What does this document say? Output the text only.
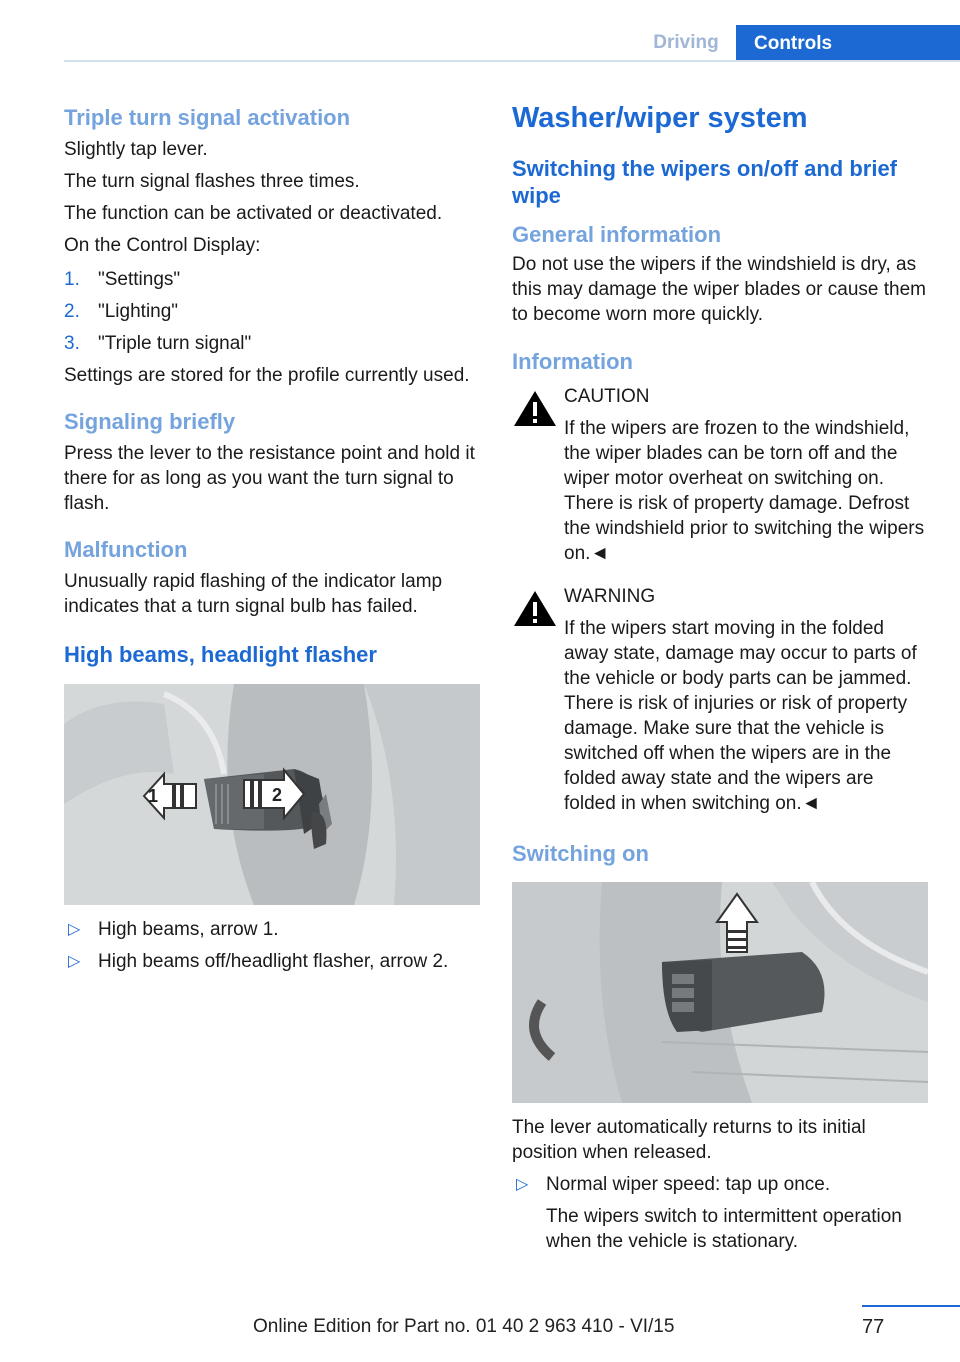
Driving	Controls
Triple turn signal activation

Slightly tap lever.

The turn signal flashes three times.

The function can be activated or deactivated.

On the Control Display:

1. "Settings"
2. "Lighting"
3. "Triple turn signal"

Settings are stored for the profile currently used.

Signaling briefly

Press the lever to the resistance point and hold it there for as long as you want the turn signal to flash.

Malfunction

Unusually rapid flashing of the indicator lamp indicates that a turn signal bulb has failed.

High beams, headlight flasher
1	2
▷ High beams, arrow 1.
▷ High beams off/headlight flasher, arrow 2.
Washer/wiper system
Switching the wipers on/off and brief wipe
General information

Do not use the wipers if the windshield is dry, as this may damage the wiper blades or cause them to become worn more quickly.

Information
CAUTION
If the wipers are frozen to the windshield, the wiper blades can be torn off and the wiper motor overheat on switching on. There is risk of property damage. Defrost the windshield prior to switching the wipers on.◄
WARNING
If the wipers start moving in the folded away state, damage may occur to parts of the vehicle or body parts can be jammed. There is risk of injuries or risk of property damage. Make sure that the vehicle is switched off when the wipers are in the folded away state and the wipers are folded in when switching on.◄
Switching on

The lever automatically returns to its initial position when released.

▷ Normal wiper speed: tap up once.

The wipers switch to intermittent operation when the vehicle is stationary.

77
Online Edition for Part no. 01 40 2 963 410 - VI/15
